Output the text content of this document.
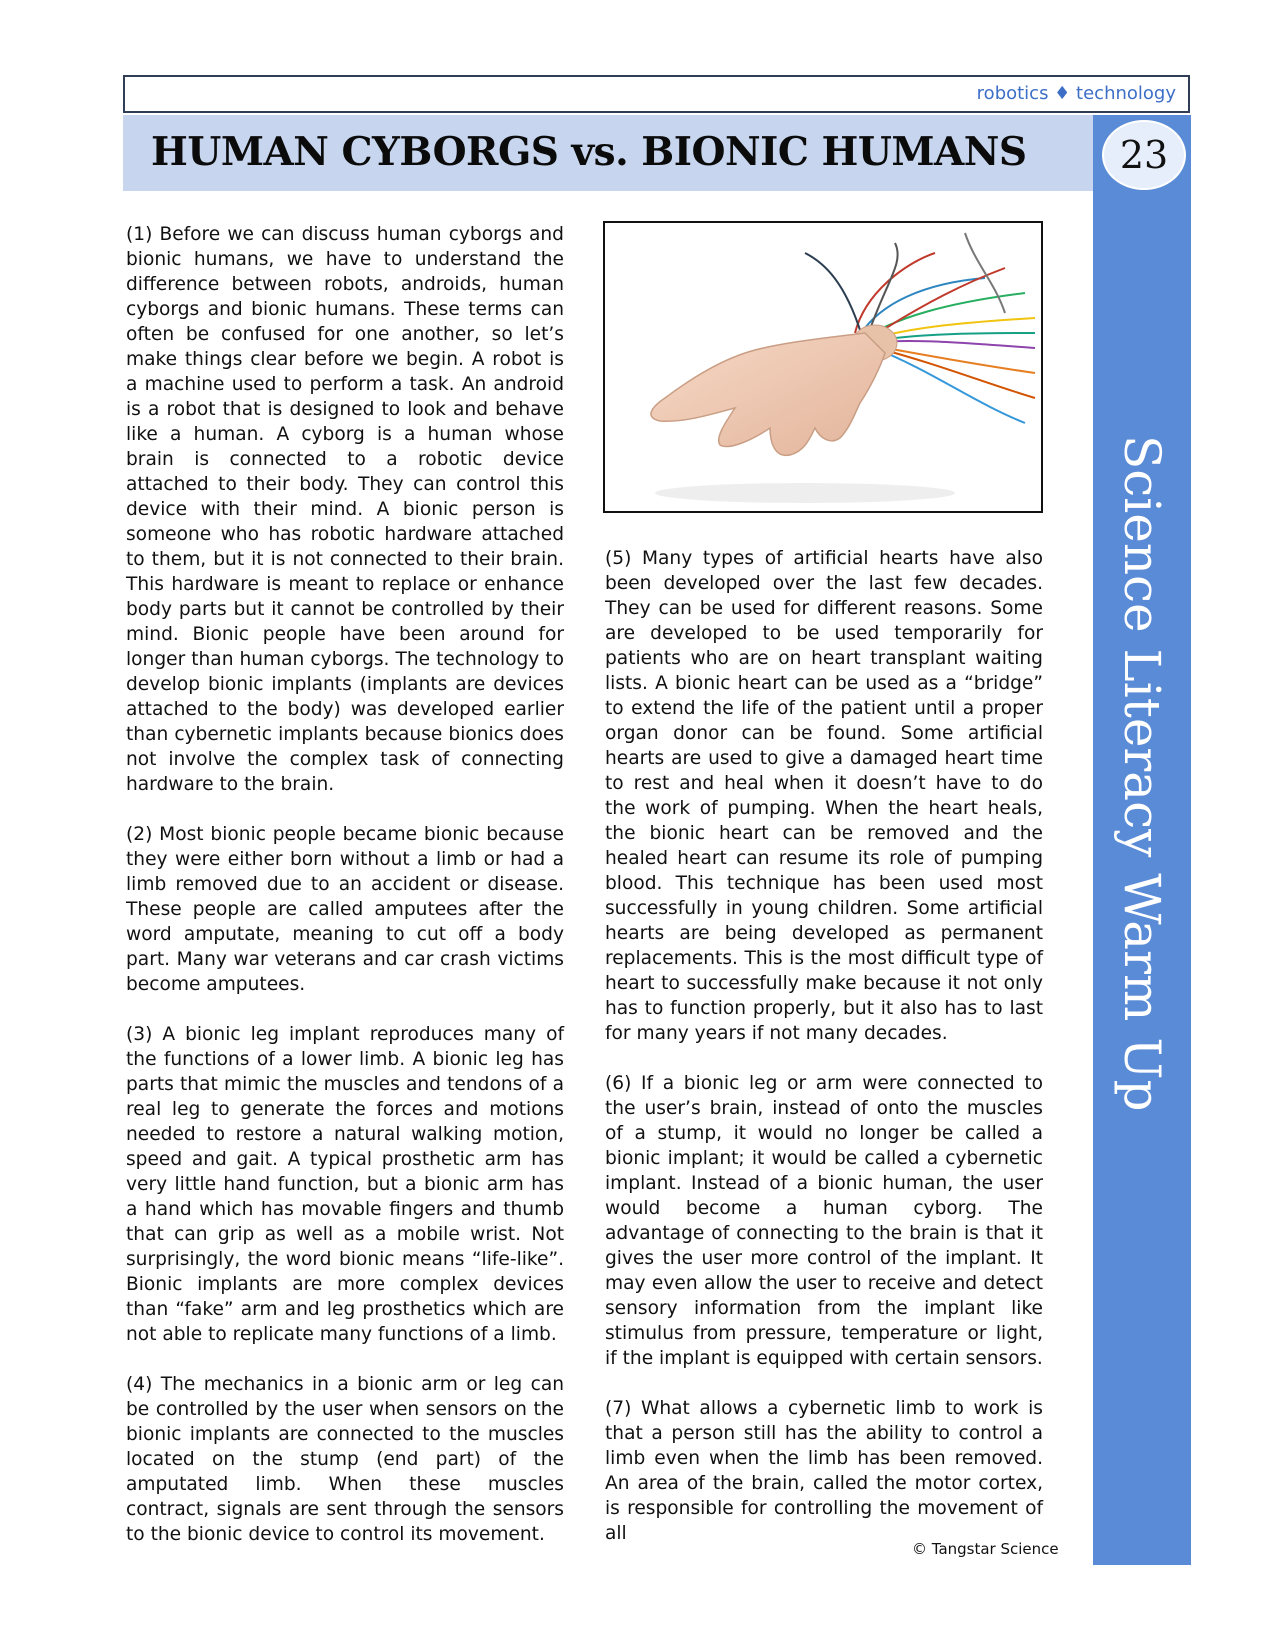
robotics ♦ technology
HUMAN CYBORGS vs. BIONIC HUMANS
Science Literacy Warm Up
23

(1) Before we can discuss human cyborgs and bionic humans, we have to understand the difference between robots, androids, human cyborgs and bionic humans. These terms can often be confused for one another, so let’s make things clear before we begin. A robot is a machine used to perform a task. An android is a robot that is designed to look and behave like a human. A cyborg is a human whose brain is connected to a robotic device attached to their body. They can control this device with their mind. A bionic person is someone who has robotic hardware attached to them, but it is not connected to their brain. This hardware is meant to replace or enhance body parts but it cannot be controlled by their mind. Bionic people have been around for longer than human cyborgs. The technology to develop bionic implants (implants are devices attached to the body) was developed earlier than cybernetic implants because bionics does not involve the complex task of connecting hardware to the brain.

(2) Most bionic people became bionic because they were either born without a limb or had a limb removed due to an accident or disease. These people are called amputees after the word amputate, meaning to cut off a body part. Many war veterans and car crash victims become amputees.

(3) A bionic leg implant reproduces many of the functions of a lower limb. A bionic leg has parts that mimic the muscles and tendons of a real leg to generate the forces and motions needed to restore a natural walking motion, speed and gait. A typical prosthetic arm has very little hand function, but a bionic arm has a hand which has movable fingers and thumb that can grip as well as a mobile wrist. Not surprisingly, the word bionic means “life-like”. Bionic implants are more complex devices than “fake” arm and leg prosthetics which are not able to replicate many functions of a limb.

(4) The mechanics in a bionic arm or leg can be controlled by the user when sensors on the bionic implants are connected to the muscles located on the stump (end part) of the amputated limb. When these muscles contract, signals are sent through the sensors to the bionic device to control its movement.

(5) Many types of artificial hearts have also been developed over the last few decades. They can be used for different reasons. Some are developed to be used temporarily for patients who are on heart transplant waiting lists. A bionic heart can be used as a “bridge” to extend the life of the patient until a proper organ donor can be found. Some artificial hearts are used to give a damaged heart time to rest and heal when it doesn’t have to do the work of pumping. When the heart heals, the bionic heart can be removed and the healed heart can resume its role of pumping blood. This technique has been used most successfully in young children. Some artificial hearts are being developed as permanent replacements. This is the most difficult type of heart to successfully make because it not only has to function properly, but it also has to last for many years if not many decades.

(6) If a bionic leg or arm were connected to the user’s brain, instead of onto the muscles of a stump, it would no longer be called a bionic implant; it would be called a cybernetic implant. Instead of a bionic human, the user would become a human cyborg. The advantage of connecting to the brain is that it gives the user more control of the implant. It may even allow the user to receive and detect sensory information from the implant like stimulus from pressure, temperature or light, if the implant is equipped with certain sensors.

(7) What allows a cybernetic limb to work is that a person still has the ability to control a limb even when the limb has been removed. An area of the brain, called the motor cortex, is responsible for controlling the movement of all

© Tangstar Science
